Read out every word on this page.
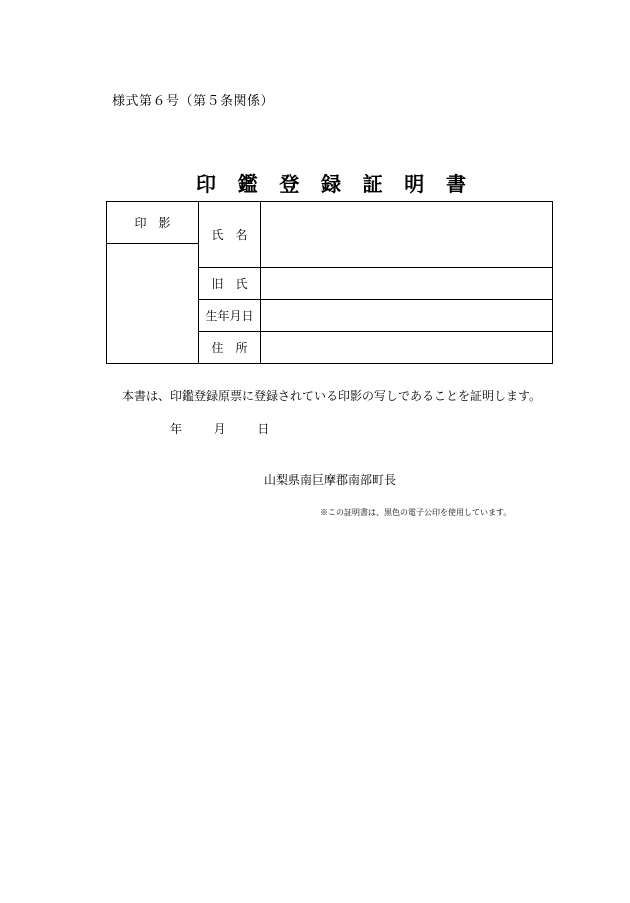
様式第６号（第５条関係）
印 鑑 登 録 証 明 書
印　影	氏　名	

	旧　氏	
	生年月日	
	住　所	
本書は、印鑑登録原票に登録されている印影の写しであることを証明します。
年	月	日
山梨県南巨摩郡南部町長
※この証明書は、黒色の電子公印を使用しています。
